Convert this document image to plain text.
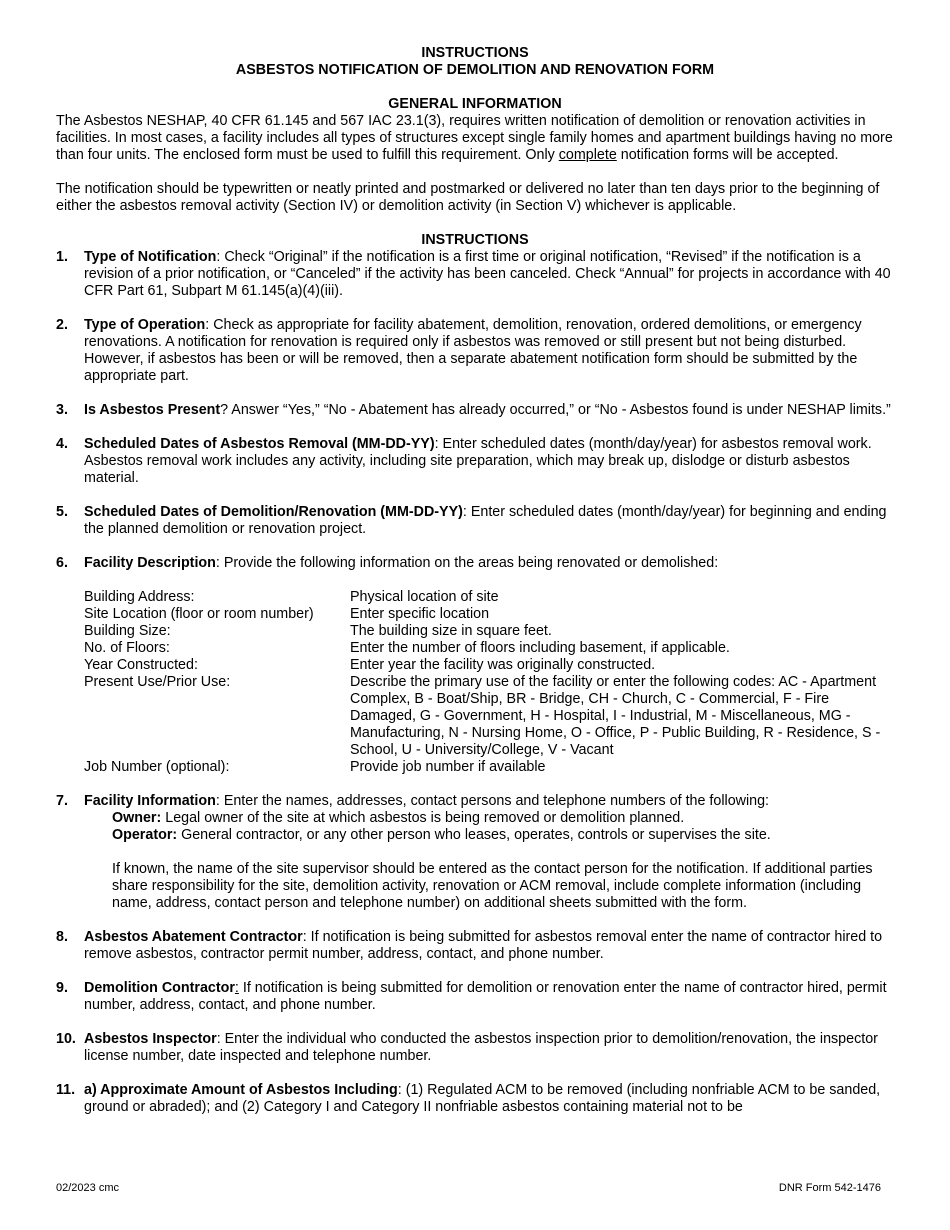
INSTRUCTIONS
ASBESTOS NOTIFICATION OF DEMOLITION AND RENOVATION FORM
GENERAL INFORMATION

The Asbestos NESHAP, 40 CFR 61.145 and 567 IAC 23.1(3), requires written notification of demolition or renovation activities in facilities. In most cases, a facility includes all types of structures except single family homes and apartment buildings having no more than four units. The enclosed form must be used to fulfill this requirement. Only complete notification forms will be accepted.

The notification should be typewritten or neatly printed and postmarked or delivered no later than ten days prior to the beginning of either the asbestos removal activity (Section IV) or demolition activity (in Section V) whichever is applicable.

INSTRUCTIONS
1. Type of Notification: Check “Original” if the notification is a first time or original notification, “Revised” if the notification is a revision of a prior notification, or “Canceled” if the activity has been canceled. Check “Annual” for projects in accordance with 40 CFR Part 61, Subpart M 61.145(a)(4)(iii).
2. Type of Operation: Check as appropriate for facility abatement, demolition, renovation, ordered demolitions, or emergency renovations. A notification for renovation is required only if asbestos was removed or still present but not being disturbed. However, if asbestos has been or will be removed, then a separate abatement notification form should be submitted by the appropriate part.
3. Is Asbestos Present? Answer “Yes,” “No - Abatement has already occurred,” or “No - Asbestos found is under NESHAP limits.”
4. Scheduled Dates of Asbestos Removal (MM-DD-YY): Enter scheduled dates (month/day/year) for asbestos removal work. Asbestos removal work includes any activity, including site preparation, which may break up, dislodge or disturb asbestos material.
5. Scheduled Dates of Demolition/Renovation (MM-DD-YY): Enter scheduled dates (month/day/year) for beginning and ending the planned demolition or renovation project.
6. Facility Description: Provide the following information on the areas being renovated or demolished:
Building Address:	Physical location of site
Site Location (floor or room number)	Enter specific location
Building Size:	The building size in square feet.
No. of Floors:	Enter the number of floors including basement, if applicable.
Year Constructed:	Enter year the facility was originally constructed.
Present Use/Prior Use:	Describe the primary use of the facility or enter the following codes: AC - Apartment Complex, B - Boat/Ship, BR - Bridge, CH - Church, C - Commercial, F - Fire Damaged, G - Government, H - Hospital, I - Industrial, M - Miscellaneous, MG - Manufacturing, N - Nursing Home, O - Office, P - Public Building, R - Residence, S - School, U - University/College, V - Vacant
Job Number (optional):	Provide job number if available
7. Facility Information: Enter the names, addresses, contact persons and telephone numbers of the following:
Owner: Legal owner of the site at which asbestos is being removed or demolition planned.
Operator: General contractor, or any other person who leases, operates, controls or supervises the site.
If known, the name of the site supervisor should be entered as the contact person for the notification. If additional parties share responsibility for the site, demolition activity, renovation or ACM removal, include complete information (including name, address, contact person and telephone number) on additional sheets submitted with the form.
8. Asbestos Abatement Contractor: If notification is being submitted for asbestos removal enter the name of contractor hired to remove asbestos, contractor permit number, address, contact, and phone number.
9. Demolition Contractor: If notification is being submitted for demolition or renovation enter the name of contractor hired, permit number, address, contact, and phone number.
10. Asbestos Inspector: Enter the individual who conducted the asbestos inspection prior to demolition/renovation, the inspector license number, date inspected and telephone number.
11. a) Approximate Amount of Asbestos Including: (1) Regulated ACM to be removed (including nonfriable ACM to be sanded, ground or abraded); and (2) Category I and Category II nonfriable asbestos containing material not to be
02/2023 cmc	DNR Form 542-1476
